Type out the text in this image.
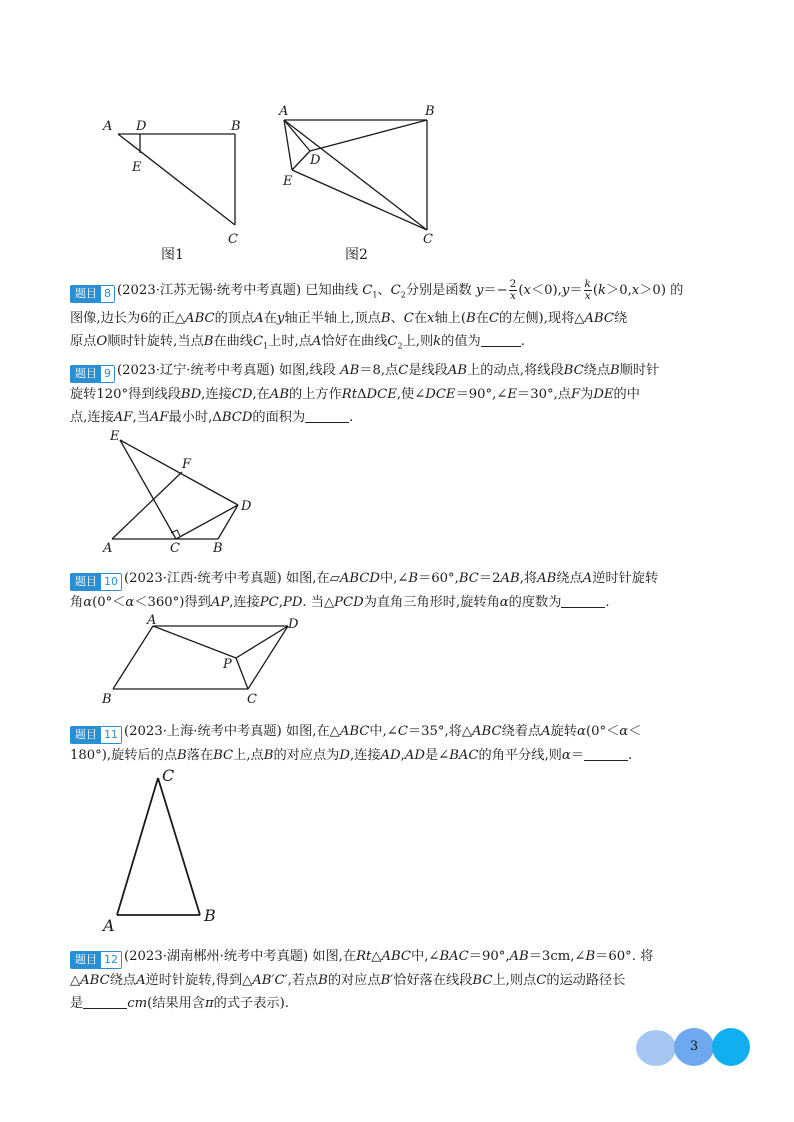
A D	B
E
C
图1
A	B
D
E
C
图2
题目 8 (2023·江苏无锡·统考中考真题) 已知曲线 $C_1$、$C_2$分别是函数 $y=- \frac{2}{x} (x<0),y= \frac{k}{x} (k>0,x>0)$ 的
图像,边长为6的正△ABC的顶点A在y轴正半轴上,顶点B、C在x轴上(B在C的左侧),现将△ABC绕
原点O顺时针旋转,当点B在曲线$C_1$上时,点A恰好在曲线$C_2$上,则k的值为	.
题目 9 (2023·辽宁·统考中考真题) 如图,线段 AB＝8,点C是线段AB上的动点,将线段BC绕点B顺时针
旋转120°得到线段BD,连接CD,在AB的上方作RtΔDCE,使∠DCE＝90°,∠E＝30°,点F为DE的中
点,连接AF,当AF最小时,ΔBCD的面积为	.
E
F
D
A	C	B
题目 10 (2023·江西·统考中考真题) 如图,在▱ABCD中,∠B＝60°,BC＝2AB,将AB绕点A逆时针旋转
角α(0°＜α＜360°)得到AP,连接PC,PD. 当△PCD为直角三角形时,旋转角α的度数为	.
A	D
P
B	C
题目 11 (2023·上海·统考中考真题) 如图,在△ABC中,∠C＝35°,将△ABC绕着点A旋转α(0°＜α＜
180°),旋转后的点B落在BC上,点B的对应点为D,连接AD,AD是∠BAC的角平分线,则α＝	.
C
A
B
题目 12 (2023·湖南郴州·统考中考真题) 如图,在Rt△ABC中,∠BAC＝90°,AB＝3cm,∠B＝60°. 将
△ABC绕点A逆时针旋转,得到△AB′C′,若点B的对应点B′恰好落在线段BC上,则点C的运动路径长
是	cm(结果用含π的式子表示).
3
